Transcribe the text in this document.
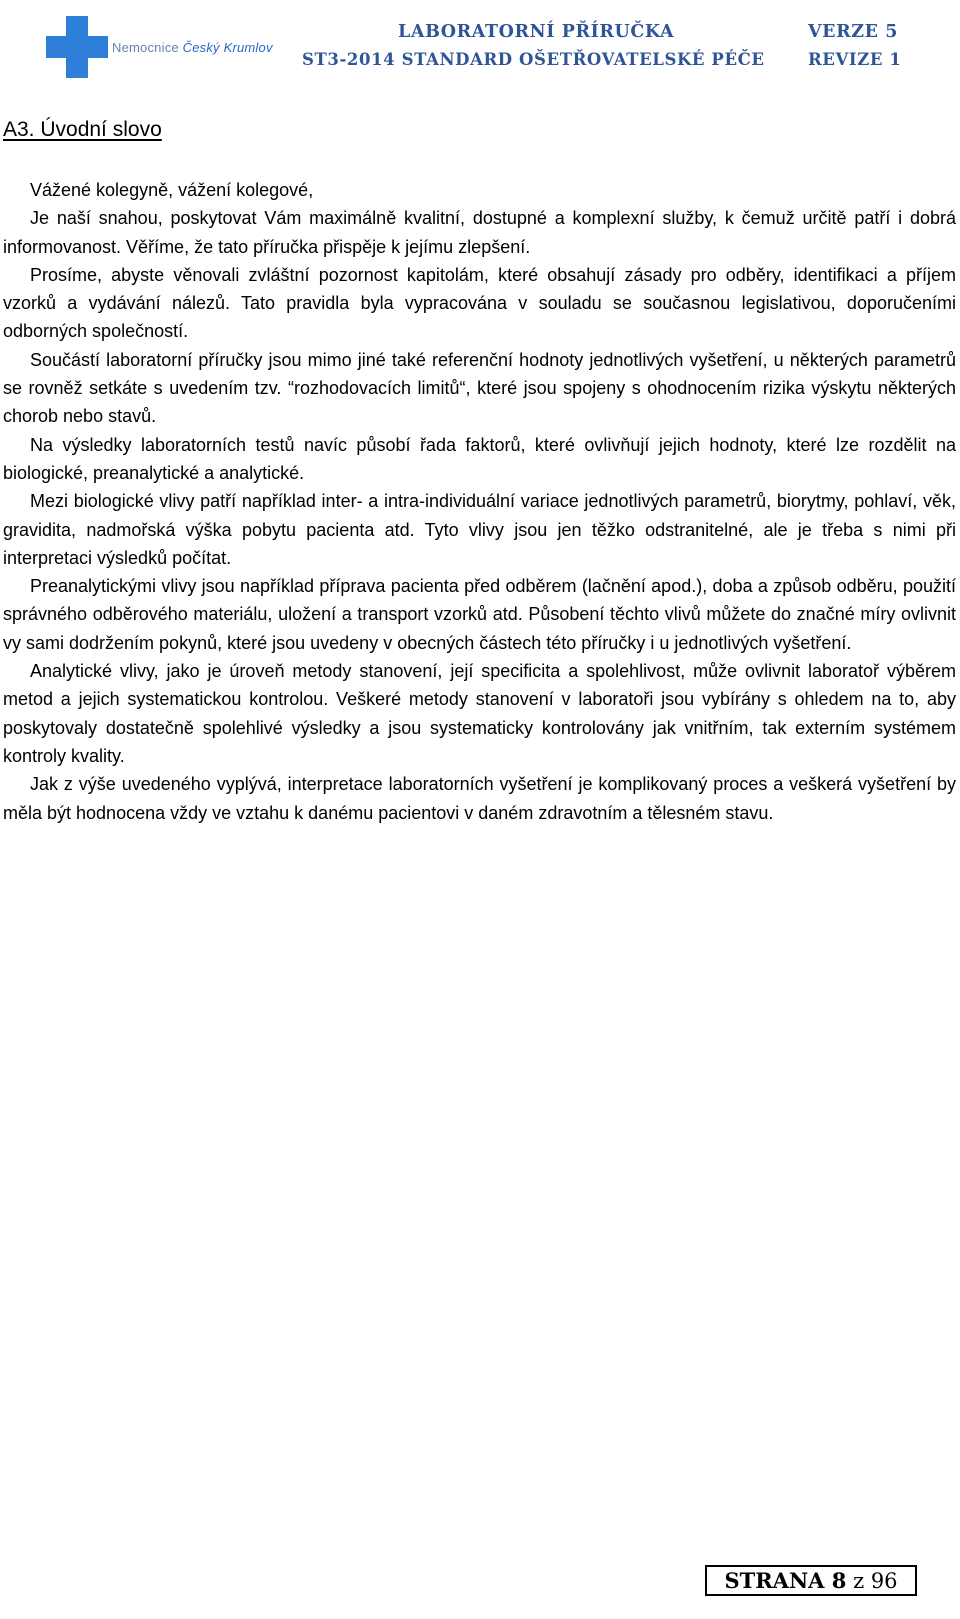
Nemocnice Český Krumlov
LABORATORNÍ PŘÍRUČKA
ST3-2014 STANDARD OŠETŘOVATELSKÉ PÉČE
VERZE 5
REVIZE 1
A3. Úvodní slovo

Vážené kolegyně, vážení kolegové,

Je naší snahou, poskytovat Vám maximálně kvalitní, dostupné a komplexní služby, k čemuž určitě patří i dobrá informovanost. Věříme, že tato příručka přispěje k jejímu zlepšení.

Prosíme, abyste věnovali zvláštní pozornost kapitolám, které obsahují zásady pro odběry, identifikaci a příjem vzorků a vydávání nálezů. Tato pravidla byla vypracována v souladu se současnou legislativou, doporučeními odborných společností.

Součástí laboratorní příručky jsou mimo jiné také referenční hodnoty jednotlivých vyšetření, u některých parametrů se rovněž setkáte s uvedením tzv. “rozhodovacích limitů“, které jsou spojeny s ohodnocením rizika výskytu některých chorob nebo stavů.

Na výsledky laboratorních testů navíc působí řada faktorů, které ovlivňují jejich hodnoty, které lze rozdělit na biologické, preanalytické a analytické.

Mezi biologické vlivy patří například inter- a intra-individuální variace jednotlivých parametrů, biorytmy, pohlaví, věk, gravidita, nadmořská výška pobytu pacienta atd. Tyto vlivy jsou jen těžko odstranitelné, ale je třeba s nimi při interpretaci výsledků počítat.

Preanalytickými vlivy jsou například příprava pacienta před odběrem (lačnění apod.), doba a způsob odběru, použití správného odběrového materiálu, uložení a transport vzorků atd. Působení těchto vlivů můžete do značné míry ovlivnit vy sami dodržením pokynů, které jsou uvedeny v obecných částech této příručky i u jednotlivých vyšetření.

Analytické vlivy, jako je úroveň metody stanovení, její specificita a spolehlivost, může ovlivnit laboratoř výběrem metod a jejich systematickou kontrolou. Veškeré metody stanovení v laboratoři jsou vybírány s ohledem na to, aby poskytovaly dostatečně spolehlivé výsledky a jsou systematicky kontrolovány jak vnitřním, tak externím systémem kontroly kvality.

Jak z výše uvedeného vyplývá, interpretace laboratorních vyšetření je komplikovaný proces a veškerá vyšetření by měla být hodnocena vždy ve vztahu k danému pacientovi v daném zdravotním a tělesném stavu.

STRANA 8 z 96
